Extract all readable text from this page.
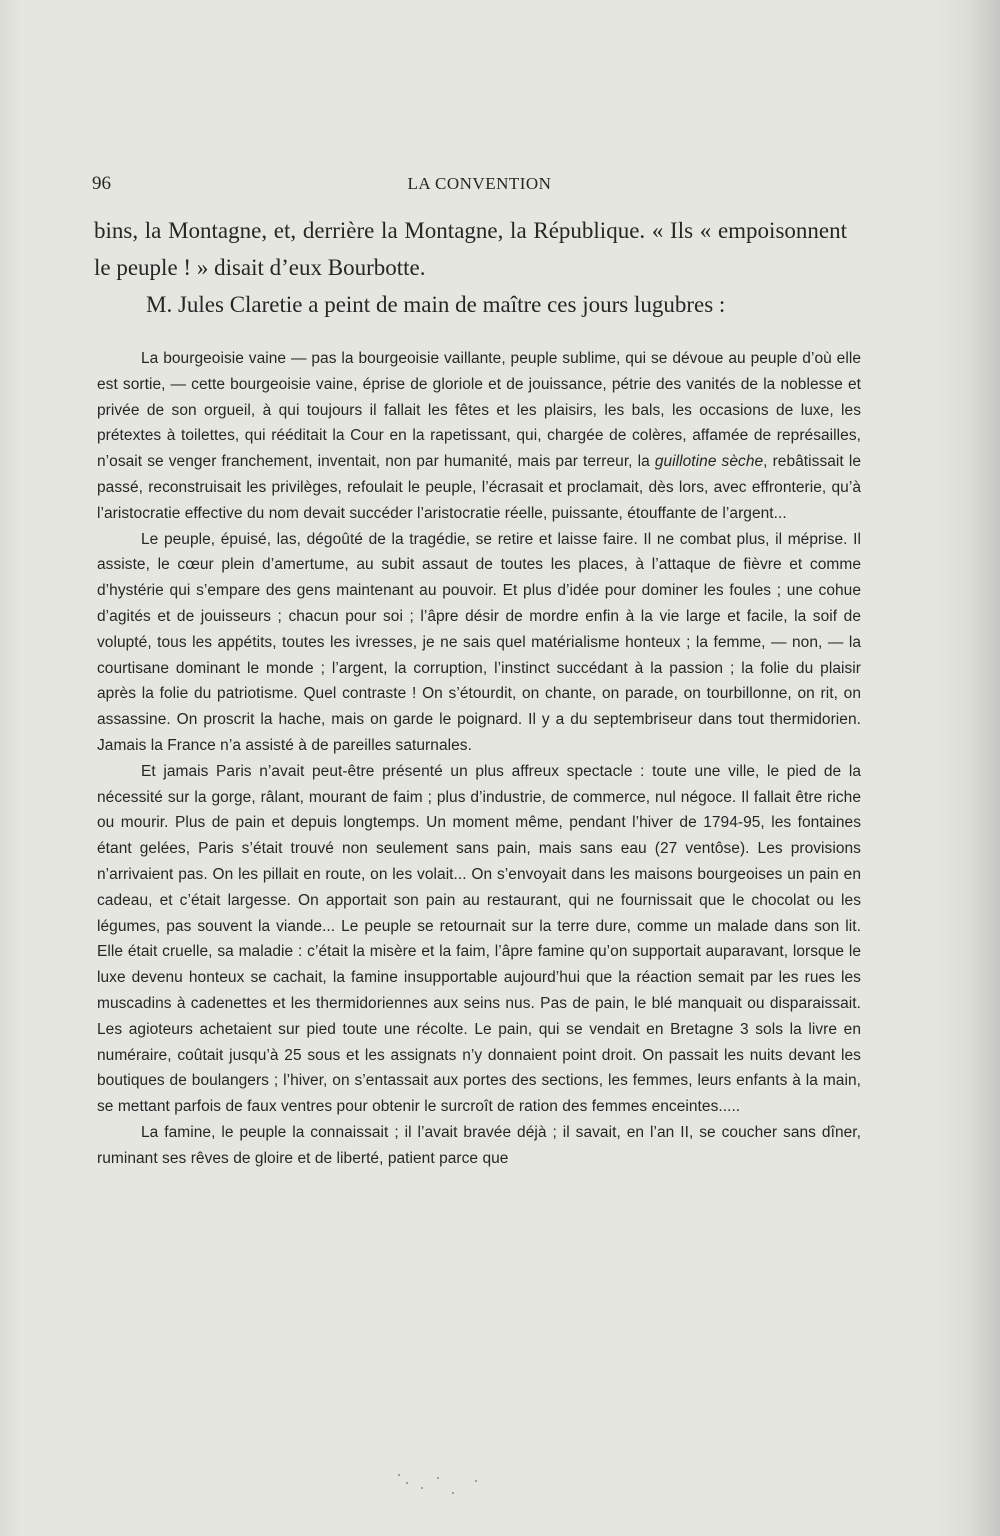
96	LA CONVENTION

bins, la Montagne, et, derrière la Montagne, la République. « Ils « empoisonnent le peuple ! » disait d’eux Bourbotte.

M. Jules Claretie a peint de main de maître ces jours lugubres :

La bourgeoisie vaine — pas la bourgeoisie vaillante, peuple sublime, qui se dévoue au peuple d’où elle est sortie, — cette bourgeoisie vaine, éprise de gloriole et de jouissance, pétrie des vanités de la noblesse et privée de son orgueil, à qui toujours il fallait les fêtes et les plaisirs, les bals, les occasions de luxe, les prétextes à toilettes, qui rééditait la Cour en la rapetissant, qui, chargée de colères, affamée de représailles, n’osait se venger franchement, inventait, non par humanité, mais par terreur, la guillotine sèche, rebâtissait le passé, reconstruisait les privilèges, refoulait le peuple, l’écrasait et proclamait, dès lors, avec effronterie, qu’à l’aristocratie effective du nom devait succéder l’aristocratie réelle, puissante, étouffante de l’argent...

Le peuple, épuisé, las, dégoûté de la tragédie, se retire et laisse faire. Il ne combat plus, il méprise. Il assiste, le cœur plein d’amertume, au subit assaut de toutes les places, à l’attaque de fièvre et comme d’hystérie qui s’empare des gens maintenant au pouvoir. Et plus d’idée pour dominer les foules ; une cohue d’agités et de jouisseurs ; chacun pour soi ; l’âpre désir de mordre enfin à la vie large et facile, la soif de volupté, tous les appétits, toutes les ivresses, je ne sais quel matérialisme honteux ; la femme, — non, — la courtisane dominant le monde ; l’argent, la corruption, l’instinct succédant à la passion ; la folie du plaisir après la folie du patriotisme. Quel contraste ! On s’étourdit, on chante, on parade, on tourbillonne, on rit, on assassine. On proscrit la hache, mais on garde le poignard. Il y a du septembriseur dans tout thermidorien. Jamais la France n’a assisté à de pareilles saturnales.

Et jamais Paris n’avait peut-être présenté un plus affreux spectacle : toute une ville, le pied de la nécessité sur la gorge, râlant, mourant de faim ; plus d’industrie, de commerce, nul négoce. Il fallait être riche ou mourir. Plus de pain et depuis longtemps. Un moment même, pendant l’hiver de 1794-95, les fontaines étant gelées, Paris s’était trouvé non seulement sans pain, mais sans eau (27 ventôse). Les provisions n’arrivaient pas. On les pillait en route, on les volait... On s’envoyait dans les maisons bourgeoises un pain en cadeau, et c’était largesse. On apportait son pain au restaurant, qui ne fournissait que le chocolat ou les légumes, pas souvent la viande... Le peuple se retournait sur la terre dure, comme un malade dans son lit. Elle était cruelle, sa maladie : c’était la misère et la faim, l’âpre famine qu’on supportait auparavant, lorsque le luxe devenu honteux se cachait, la famine insupportable aujourd’hui que la réaction semait par les rues les muscadins à cadenettes et les thermidoriennes aux seins nus. Pas de pain, le blé manquait ou disparaissait. Les agioteurs achetaient sur pied toute une récolte. Le pain, qui se vendait en Bretagne 3 sols la livre en numéraire, coûtait jusqu’à 25 sous et les assignats n’y donnaient point droit. On passait les nuits devant les boutiques de boulangers ; l’hiver, on s’entassait aux portes des sections, les femmes, leurs enfants à la main, se mettant parfois de faux ventres pour obtenir le surcroît de ration des femmes enceintes.....

La famine, le peuple la connaissait ; il l’avait bravée déjà ; il savait, en l’an II, se coucher sans dîner, ruminant ses rêves de gloire et de liberté, patient parce que
